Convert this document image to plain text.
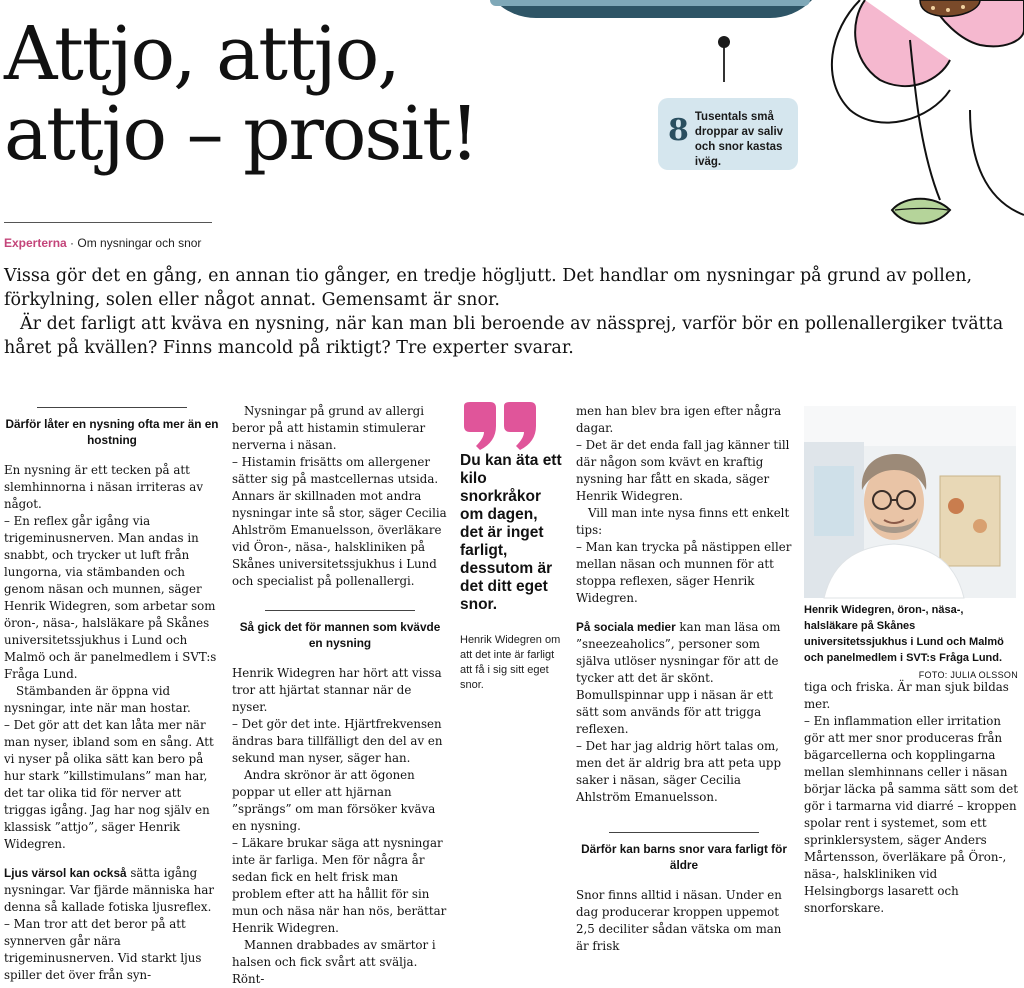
Attjo, attjo,
attjo – prosit!	8 Tusentals små droppar av saliv och snor kastas iväg.
Experterna · Om nysningar och snor

Vissa gör det en gång, en annan tio gånger, en tredje högljutt. Det handlar om nysningar på grund av pollen, förkylning, solen eller något annat. Gemensamt är snor.

Är det farligt att kväva en nysning, när kan man bli beroende av nässprej, varför bör en pollenallergiker tvätta håret på kvällen? Finns mancold på riktigt? Tre experter svarar.

Därför låter en nysning ofta mer än en hostning

En nysning är ett tecken på att slemhinnorna i näsan irriteras av något.

– En reflex går igång via trigeminusnerven. Man andas in snabbt, och trycker ut luft från lungorna, via stämbanden och genom näsan och munnen, säger Henrik Widegren, som arbetar som öron-, näsa-, halsläkare på Skånes universitetssjukhus i Lund och Malmö och är panelmedlem i SVT:s Fråga Lund.

Stämbanden är öppna vid nysningar, inte när man hostar.

– Det gör att det kan låta mer när man nyser, ibland som en sång. Att vi nyser på olika sätt kan bero på hur stark ”killstimulans” man har, det tar olika tid för nerver att triggas igång. Jag har nog själv en klassisk ”attjo”, säger Henrik Widegren.

Ljus värsol kan också sätta igång nysningar. Var fjärde människa har denna så kallade fotiska ljusreflex.

– Man tror att det beror på att synnerven går nära trigeminusnerven. Vid starkt ljus spiller det över från syn-

Nysningar på grund av allergi beror på att histamin stimulerar nerverna i näsan.

– Histamin frisätts om allergener sätter sig på mastcellernas utsida. Annars är skillnaden mot andra nysningar inte så stor, säger Cecilia Ahlström Emanuelsson, överläkare vid Öron-, näsa-, halskliniken på Skånes universitetssjukhus i Lund och specialist på pollenallergi.

Så gick det för mannen som kvävde en nysning

Henrik Widegren har hört att vissa tror att hjärtat stannar när de nyser.

– Det gör det inte. Hjärtfrekvensen ändras bara tillfälligt den del av en sekund man nyser, säger han.

Andra skrönor är att ögonen poppar ut eller att hjärnan ”sprängs” om man försöker kväva en nysning.

– Läkare brukar säga att nysningar inte är farliga. Men för några år sedan fick en helt frisk man problem efter att ha hållit för sin mun och näsa när han nös, berättar Henrik Widegren.

Mannen drabbades av smärtor i halsen och fick svårt att svälja. Rönt-

Du kan äta ett kilo snorkråkor om dagen, det är inget farligt, dessutom är det ditt eget snor.
Henrik Widegren om att det inte är farligt att få i sig sitt eget snor.

men han blev bra igen efter några dagar.

– Det är det enda fall jag känner till där någon som kvävt en kraftig nysning har fått en skada, säger Henrik Widegren.

Vill man inte nysa finns ett enkelt tips:

– Man kan trycka på nästippen eller mellan näsan och munnen för att stoppa reflexen, säger Henrik Widegren.

På sociala medier kan man läsa om ”sneezeaholics”, personer som själva utlöser nysningar för att de tycker att det är skönt. Bomullspinnar upp i näsan är ett sätt som används för att trigga reflexen.

– Det har jag aldrig hört talas om, men det är aldrig bra att peta upp saker i näsan, säger Cecilia Ahlström Emanuelsson.

Därför kan barns snor vara farligt för äldre

Snor finns alltid i näsan. Under en dag producerar kroppen uppemot 2,5 deciliter sådan vätska om man är frisk

Henrik Widegren, öron-, näsa-, halsläkare på Skånes universitetssjukhus i Lund och Malmö och panelmedlem i SVT:s Fråga Lund.
FOTO: JULIA OLSSON

tiga och friska. Är man sjuk bildas mer.

– En inflammation eller irritation gör att mer snor produceras från bägarcellerna och kopplingarna mellan slemhinnans celler i näsan börjar läcka på samma sätt som det gör i tarmarna vid diarré – kroppen spolar rent i systemet, som ett sprinklersystem, säger Anders Mårtensson, överläkare på Öron-, näsa-, halskliniken vid Helsingborgs lasarett och snorforskare.
